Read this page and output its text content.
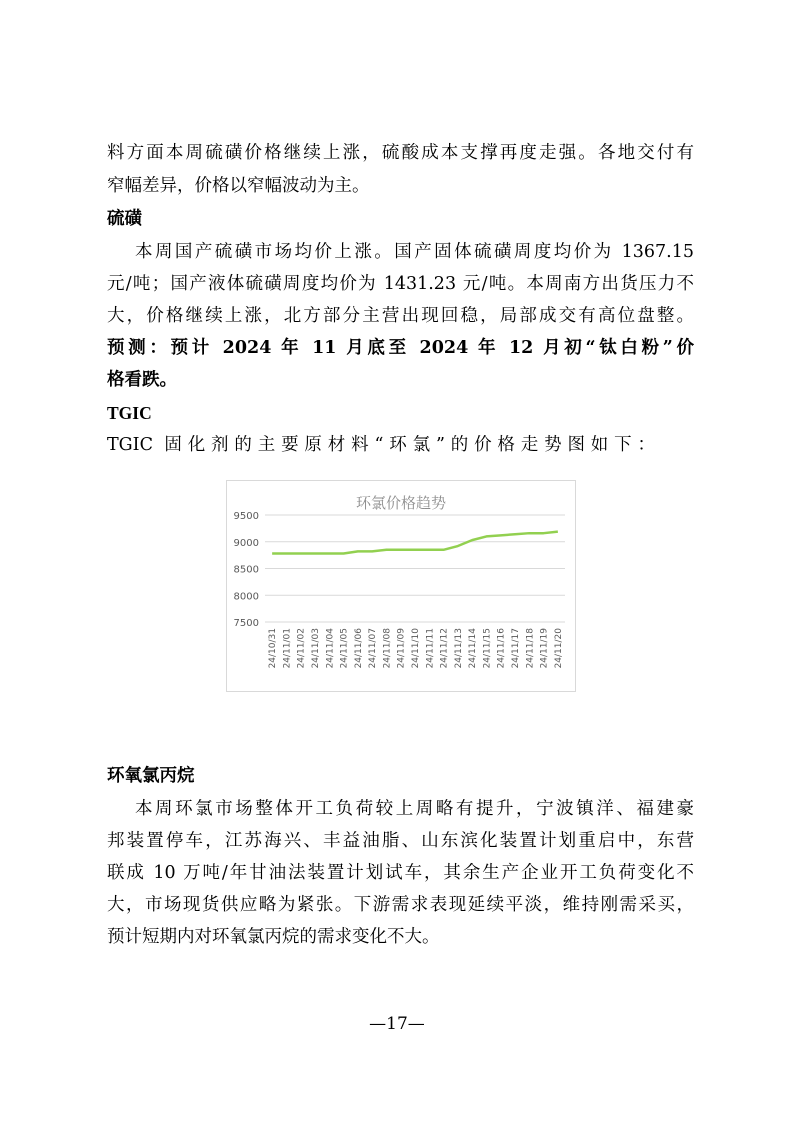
料方面本周硫磺价格继续上涨，硫酸成本支撑再度走强。各地交付有
窄幅差异，价格以窄幅波动为主。
硫磺
本周国产硫磺市场均价上涨。国产固体硫磺周度均价为 1367.15
元/吨；国产液体硫磺周度均价为 1431.23 元/吨。本周南方出货压力不
大，价格继续上涨，北方部分主营出现回稳，局部成交有高位盘整。
预测：预计 2024 年 11 月底至 2024 年 12 月初“钛白粉”价
格看跌。
TGIC
TGIC 固化剂的主要原材料“环氯”的价格走势图如下：
环氯价格趋势
7500
8000
8500
9000
9500
24/10/31 24/11/01 24/11/02 24/11/03 24/11/04 24/11/05 24/11/06 24/11/07 24/11/08 24/11/09 24/11/10 24/11/11 24/11/12 24/11/13 24/11/14 24/11/15 24/11/16 24/11/17 24/11/18 24/11/19 24/11/20
环氧氯丙烷
本周环氯市场整体开工负荷较上周略有提升，宁波镇洋、福建豪
邦装置停车，江苏海兴、丰益油脂、山东滨化装置计划重启中，东营
联成 10 万吨/年甘油法装置计划试车，其余生产企业开工负荷变化不
大，市场现货供应略为紧张。下游需求表现延续平淡，维持刚需采买，
预计短期内对环氧氯丙烷的需求变化不大。
—17—
